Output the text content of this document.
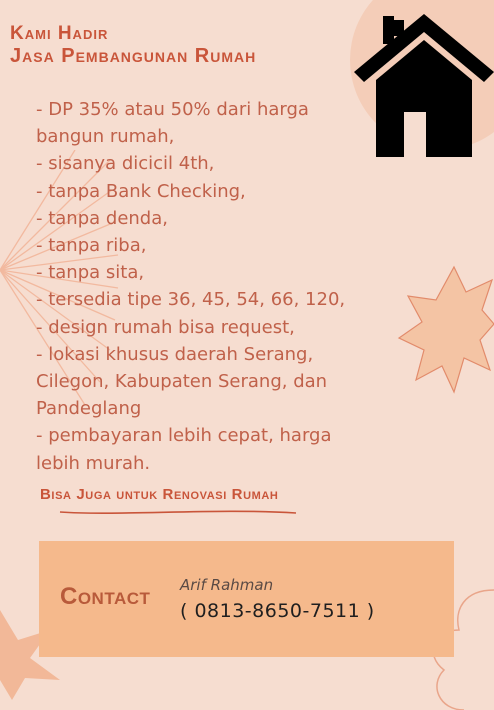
Kami Hadir
Jasa Pembangunan Rumah
- DP 35% atau 50% dari harga
bangun rumah,
- sisanya dicicil 4th,
- tanpa Bank Checking,
- tanpa denda,
- tanpa riba,
- tanpa sita,
- tersedia tipe 36, 45, 54, 66, 120,
- design rumah bisa request,
- lokasi khusus daerah Serang,
Cilegon, Kabupaten Serang, dan
Pandeglang
- pembayaran lebih cepat, harga
lebih murah.
Bisa Juga untuk Renovasi Rumah
Contact Arif Rahman
( 0813-8650-7511 )
